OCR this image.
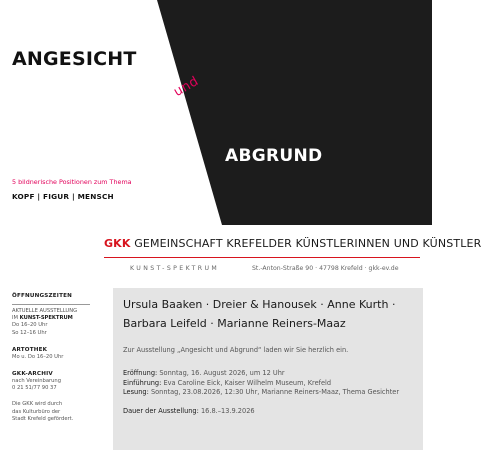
ANGESICHT
und
ABGRUND
5 bildnerische Positionen zum Thema
KOPF | FIGUR | MENSCH
GKK GEMEINSCHAFT KREFELDER KÜNSTLERINNEN UND KÜNSTLER
KUNST-SPEKTRUM	St.-Anton-Straße 90 · 47798 Krefeld · gkk-ev.de
ÖFFNUNGSZEITEN
AKTUELLE AUSSTELLUNG
IM KUNST-SPEKTRUM
Do 16–20 Uhr
So 12–16 Uhr
ARTOTHEK
Mo u. Do 16–20 Uhr
GKK-ARCHIV
nach Vereinbarung
0 21 51/77 90 37
Die GKK wird durch
das Kulturbüro der
Stadt Krefeld gefördert.
Ursula Baaken · Dreier & Hanousek · Anne Kurth · Barbara Leifeld · Marianne Reiners-Maaz
Zur Ausstellung „Angesicht und Abgrund“ laden wir Sie herzlich ein.
Eröffnung: Sonntag, 16. August 2026, um 12 Uhr
Einführung: Eva Caroline Eick, Kaiser Wilhelm Museum, Krefeld
Lesung: Sonntag, 23.08.2026, 12:30 Uhr, Marianne Reiners-Maaz, Thema Gesichter
Dauer der Ausstellung: 16.8.–13.9.2026
